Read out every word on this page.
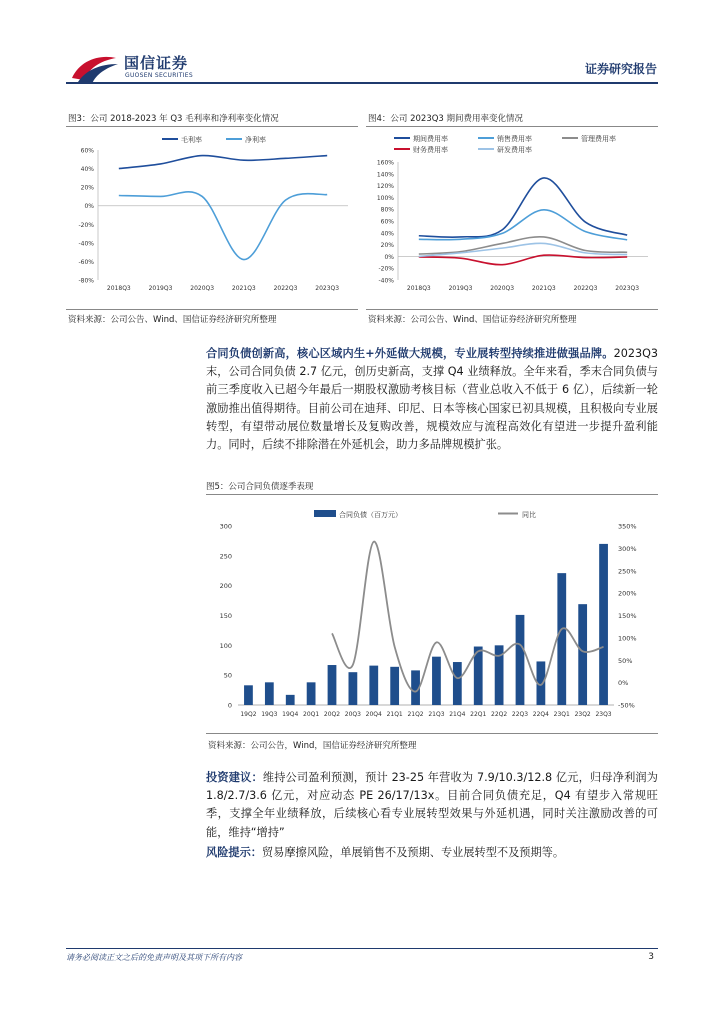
国信证券
GUOSEN SECURITIES	证券研究报告
图3：公司 2018-2023 年 Q3 毛利率和净利率变化情况
毛利率	净利率
60%
40%
20%
0%
-20%
-40%
-60%
-80%
2018Q3	2019Q3	2020Q3	2021Q3	2022Q3	2023Q3
资料来源：公司公告、Wind、国信证券经济研究所整理
图4：公司 2023Q3 期间费用率变化情况
期间费用率	销售费用率	管理费用率
财务费用率	研发费用率
160%
140%
120%
100%
80%
60%
40%
20%
0%
-20%
-40%
2018Q3	2019Q3	2020Q3	2021Q3	2022Q3	2023Q3
资料来源：公司公告、Wind、国信证券经济研究所整理
合同负债创新高，核心区域内生+外延做大规模，专业展转型持续推进做强品牌。2023Q3 末，公司合同负债 2.7 亿元，创历史新高，支撑 Q4 业绩释放。全年来看，季末合同负债与前三季度收入已超今年最后一期股权激励考核目标（营业总收入不低于 6 亿），后续新一轮激励推出值得期待。目前公司在迪拜、印尼、日本等核心国家已初具规模，且积极向专业展转型，有望带动展位数量增长及复购改善，规模效应与流程高效化有望进一步提升盈利能力。同时，后续不排除潜在外延机会，助力多品牌规模扩张。
图5：公司合同负债逐季表现
合同负债（百万元）	同比
300
250
200
150
100
50
0
350%
300%
250%
200%
150%
100%
50%
0%
-50%
19Q2 19Q3 19Q4 20Q1 20Q2 20Q3 20Q4 21Q1 21Q2 21Q3 21Q4 22Q1 22Q2 22Q3 22Q4 23Q1 23Q2 23Q3
资料来源：公司公告，Wind，国信证券经济研究所整理
投资建议：维持公司盈利预测，预计 23-25 年营收为 7.9/10.3/12.8 亿元，归母净利润为 1.8/2.7/3.6 亿元，对应动态 PE 26/17/13x。目前合同负债充足，Q4 有望步入常规旺季，支撑全年业绩释放，后续核心看专业展转型效果与外延机遇，同时关注激励改善的可能，维持“增持”
风险提示：贸易摩擦风险，单展销售不及预期、专业展转型不及预期等。
请务必阅读正文之后的免责声明及其项下所有内容	3
